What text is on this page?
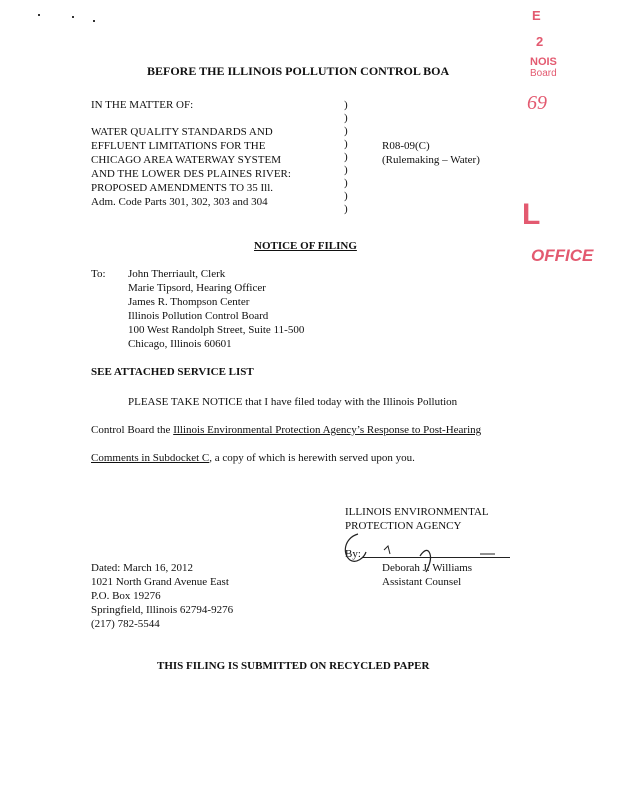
E
2
NOIS
Board
69
L
OFFICE
BEFORE THE ILLINOIS POLLUTION CONTROL BOA
IN THE MATTER OF:
WATER QUALITY STANDARDS AND
EFFLUENT LIMITATIONS FOR THE
CHICAGO AREA WATERWAY SYSTEM
AND THE LOWER DES PLAINES RIVER:
PROPOSED AMENDMENTS TO 35 Ill.
Adm. Code Parts 301, 302, 303 and 304
)
)
)
)
)
)
)
)
)
R08-09(C)
(Rulemaking – Water)
NOTICE OF FILING
To: John Therriault, Clerk
Marie Tipsord, Hearing Officer
James R. Thompson Center
Illinois Pollution Control Board
100 West Randolph Street, Suite 11-500
Chicago, Illinois 60601
SEE ATTACHED SERVICE LIST
PLEASE TAKE NOTICE that I have filed today with the Illinois Pollution
Control Board the Illinois Environmental Protection Agency’s Response to Post-Hearing
Comments in Subdocket C, a copy of which is herewith served upon you.
ILLINOIS ENVIRONMENTAL
PROTECTION AGENCY
By:
Deborah J. Williams
Assistant Counsel
Dated: March 16, 2012
1021 North Grand Avenue East
P.O. Box 19276
Springfield, Illinois 62794-9276
(217) 782-5544
THIS FILING IS SUBMITTED ON RECYCLED PAPER
